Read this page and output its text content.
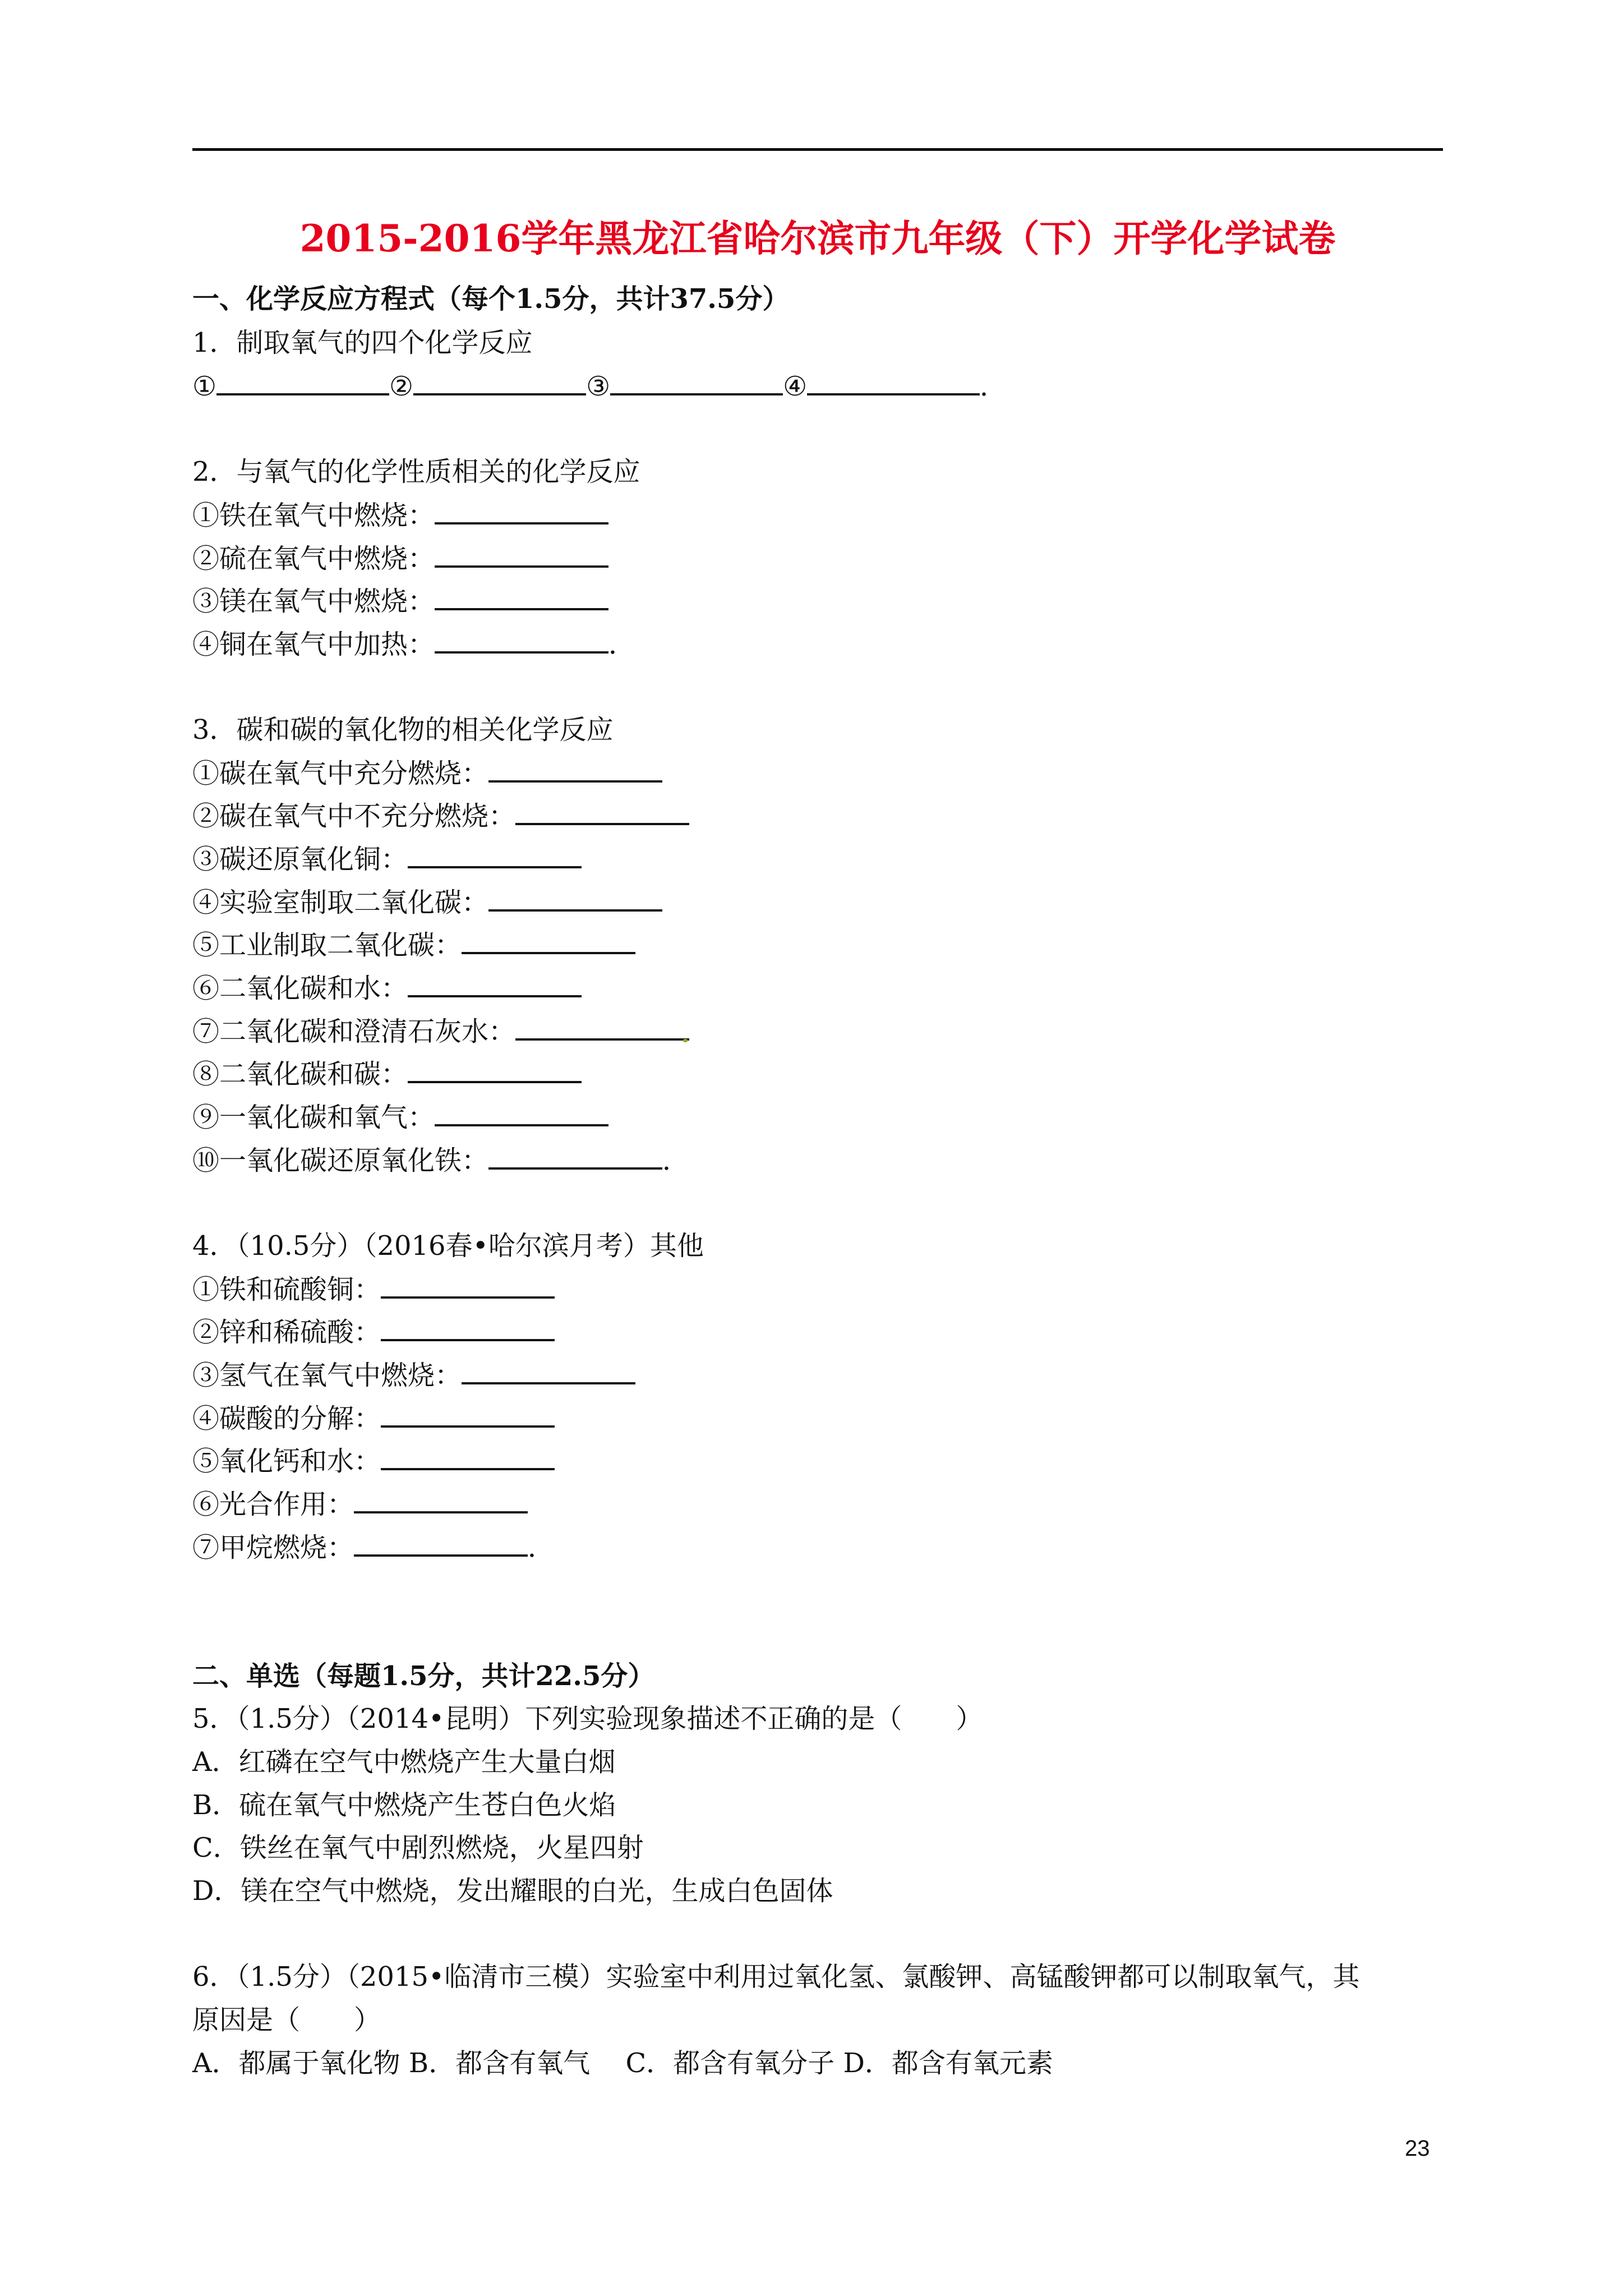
2015-2016学年黑龙江省哈尔滨市九年级（下）开学化学试卷
一、化学反应方程式（每个1.5分，共计37.5分）
1．制取氧气的四个化学反应
①	②	③	④	．
2．与氧气的化学性质相关的化学反应
①铁在氧气中燃烧：
②硫在氧气中燃烧：
③镁在氧气中燃烧：
④铜在氧气中加热：	．
3．碳和碳的氧化物的相关化学反应
①碳在氧气中充分燃烧：
②碳在氧气中不充分燃烧：
③碳还原氧化铜：
④实验室制取二氧化碳：
⑤工业制取二氧化碳：
⑥二氧化碳和水：
⑦二氧化碳和澄清石灰水：
⑧二氧化碳和碳：
⑨一氧化碳和氧气：
⑩一氧化碳还原氧化铁：	．
4．（10.5分）（2016春•哈尔滨月考）其他
①铁和硫酸铜：
②锌和稀硫酸：
③氢气在氧气中燃烧：
④碳酸的分解：
⑤氧化钙和水：
⑥光合作用：
⑦甲烷燃烧：	．
二、单选（每题1.5分，共计22.5分）
5．（1.5分）（2014•昆明）下列实验现象描述不正确的是（　　）
A．红磷在空气中燃烧产生大量白烟
B．硫在氧气中燃烧产生苍白色火焰
C．铁丝在氧气中剧烈燃烧，火星四射
D．镁在空气中燃烧，发出耀眼的白光，生成白色固体
6．（1.5分）（2015•临清市三模）实验室中利用过氧化氢、氯酸钾、高锰酸钾都可以制取氧气，其
原因是（　　）
A．都属于氧化物 B．都含有氧气　 C．都含有氧分子 D．都含有氧元素
23
